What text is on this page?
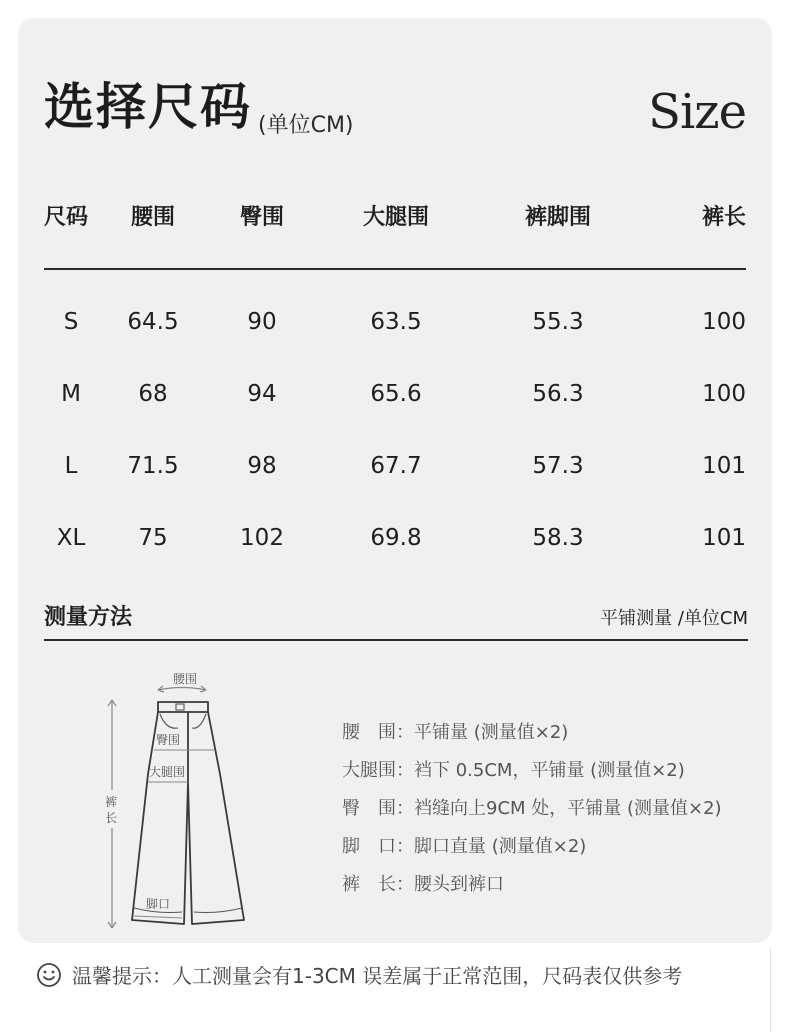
选择尺码 (单位CM)	Size
尺码	腰围	臀围	大腿围	裤脚围	裤长
S	64.5	90	63.5	55.3	100
M	68	94	65.6	56.3	100
L	71.5	98	67.7	57.3	101
XL	75	102	69.8	58.3	101
测量方法	平铺测量 /单位CM
腰围
裤
长
臀围
大腿围
脚口
腰　围：平铺量 (测量值×2)
大腿围：裆下 0.5CM，平铺量 (测量值×2)
臀　围：裆缝向上9CM 处，平铺量 (测量值×2)
脚　口：脚口直量 (测量值×2)
裤　长：腰头到裤口
温馨提示：人工测量会有1-3CM 误差属于正常范围，尺码表仅供参考
